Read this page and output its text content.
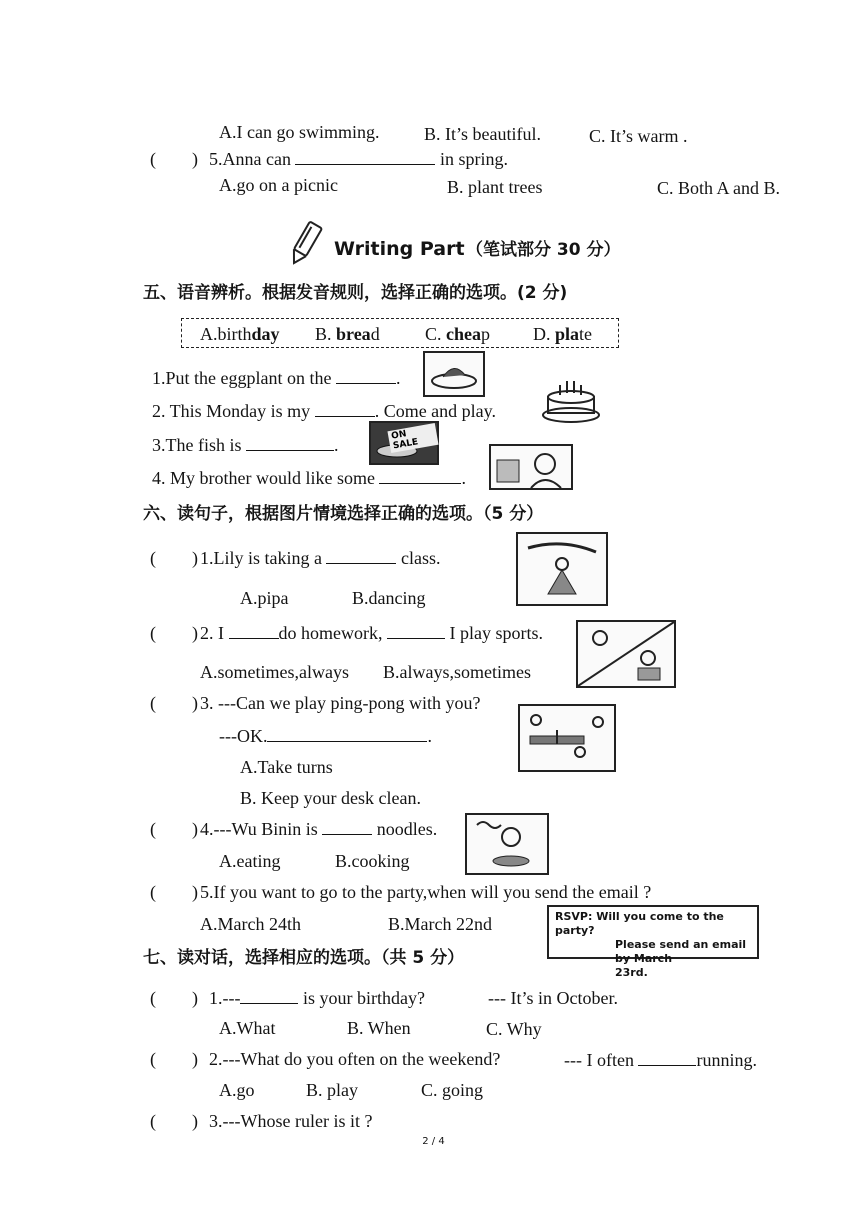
A.I can go swimming. B. It’s beautiful.	C. It’s warm .
(　　) 5.Anna can	in spring.
A.go on a picnic	B. plant trees	C. Both A and B.
Writing Part （笔试部分 30 分）
五、语音辨析。根据发音规则，选择正确的选项。(2 分)
A.birthday B. bread	C. cheap D. plate
1.Put the eggplant on the	.
2. This Monday is my	. Come and play.
3.The fish is	.	ON SALE
4. My brother would like some	.
六、读句子，根据图片情境选择正确的选项。（5 分）
(　　) 1.Lily is taking a	class.
A.pipa	B.dancing
(　　) 2. I	do homework,	I play sports.
A.sometimes,always B.always,sometimes
(　　) 3. ---Can we play ping-pong with you?
---OK.	.
A.Take turns
B. Keep your desk clean.
(　　) 4.---Wu Binin is	noodles.
A.eating	B.cooking
(　　) 5.If you want to go to the party,when will you send the email ?
A.March 24th	B.March 22nd	RSVP: Will you come to the party?
Please send an email by March
23rd.
七、读对话，选择相应的选项。（共 5 分）
(　　) 1.---	is your birthday?	--- It’s in October.
A.What	B. When	C. Why
(　　) 2.---What do you often on the weekend?	--- I often	running.
A.go	B. play	C. going
(　　) 3.---Whose ruler is it ?
2 / 4
